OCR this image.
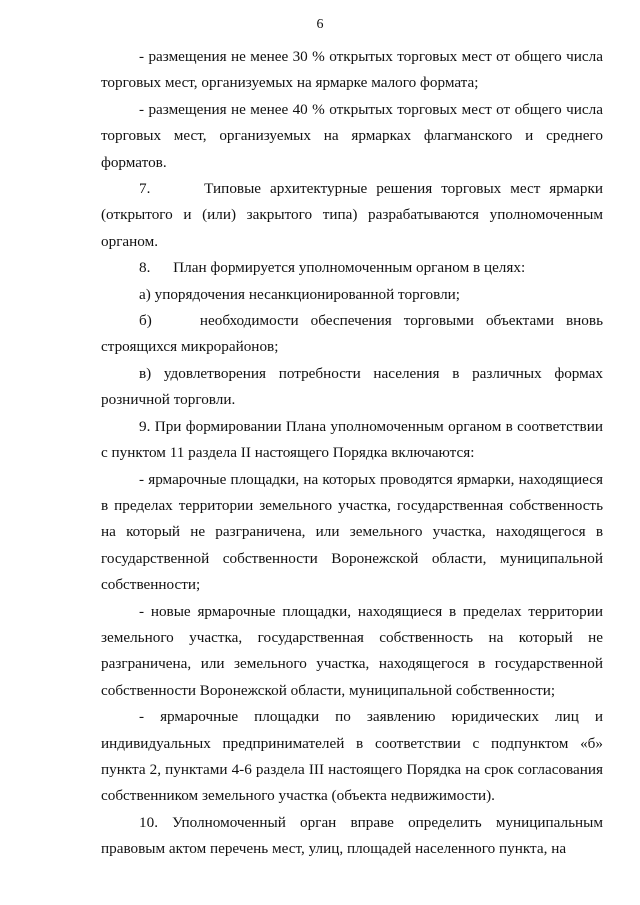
6

- размещения не менее 30 % открытых торговых мест от общего числа торговых мест, организуемых на ярмарке малого формата;

- размещения не менее 40 % открытых торговых мест от общего числа торговых мест, организуемых на ярмарках флагманского и среднего форматов.

7.      Типовые архитектурные решения торговых мест ярмарки (открытого и (или) закрытого типа) разрабатываются уполномоченным органом.

8.      План формируется уполномоченным органом в целях:

а) упорядочения несанкционированной торговли;

б)    необходимости обеспечения торговыми объектами вновь строящихся микрорайонов;

в) удовлетворения потребности населения в различных формах розничной торговли.

9. При формировании Плана уполномоченным органом в соответствии с пунктом 11 раздела II настоящего Порядка включаются:

- ярмарочные площадки, на которых проводятся ярмарки, находящиеся в пределах территории земельного участка, государственная собственность на который не разграничена, или земельного участка, находящегося в государственной собственности Воронежской области, муниципальной собственности;

- новые ярмарочные площадки, находящиеся в пределах территории земельного участка, государственная собственность на который не разграничена, или земельного участка, находящегося в государственной собственности Воронежской области, муниципальной собственности;

- ярмарочные площадки по заявлению юридических лиц и индивидуальных предпринимателей в соответствии с подпунктом «б» пункта 2, пунктами 4-6 раздела III настоящего Порядка на срок согласования собственником земельного участка (объекта недвижимости).

10. Уполномоченный орган вправе определить муниципальным правовым актом перечень мест, улиц, площадей населенного пункта, на
